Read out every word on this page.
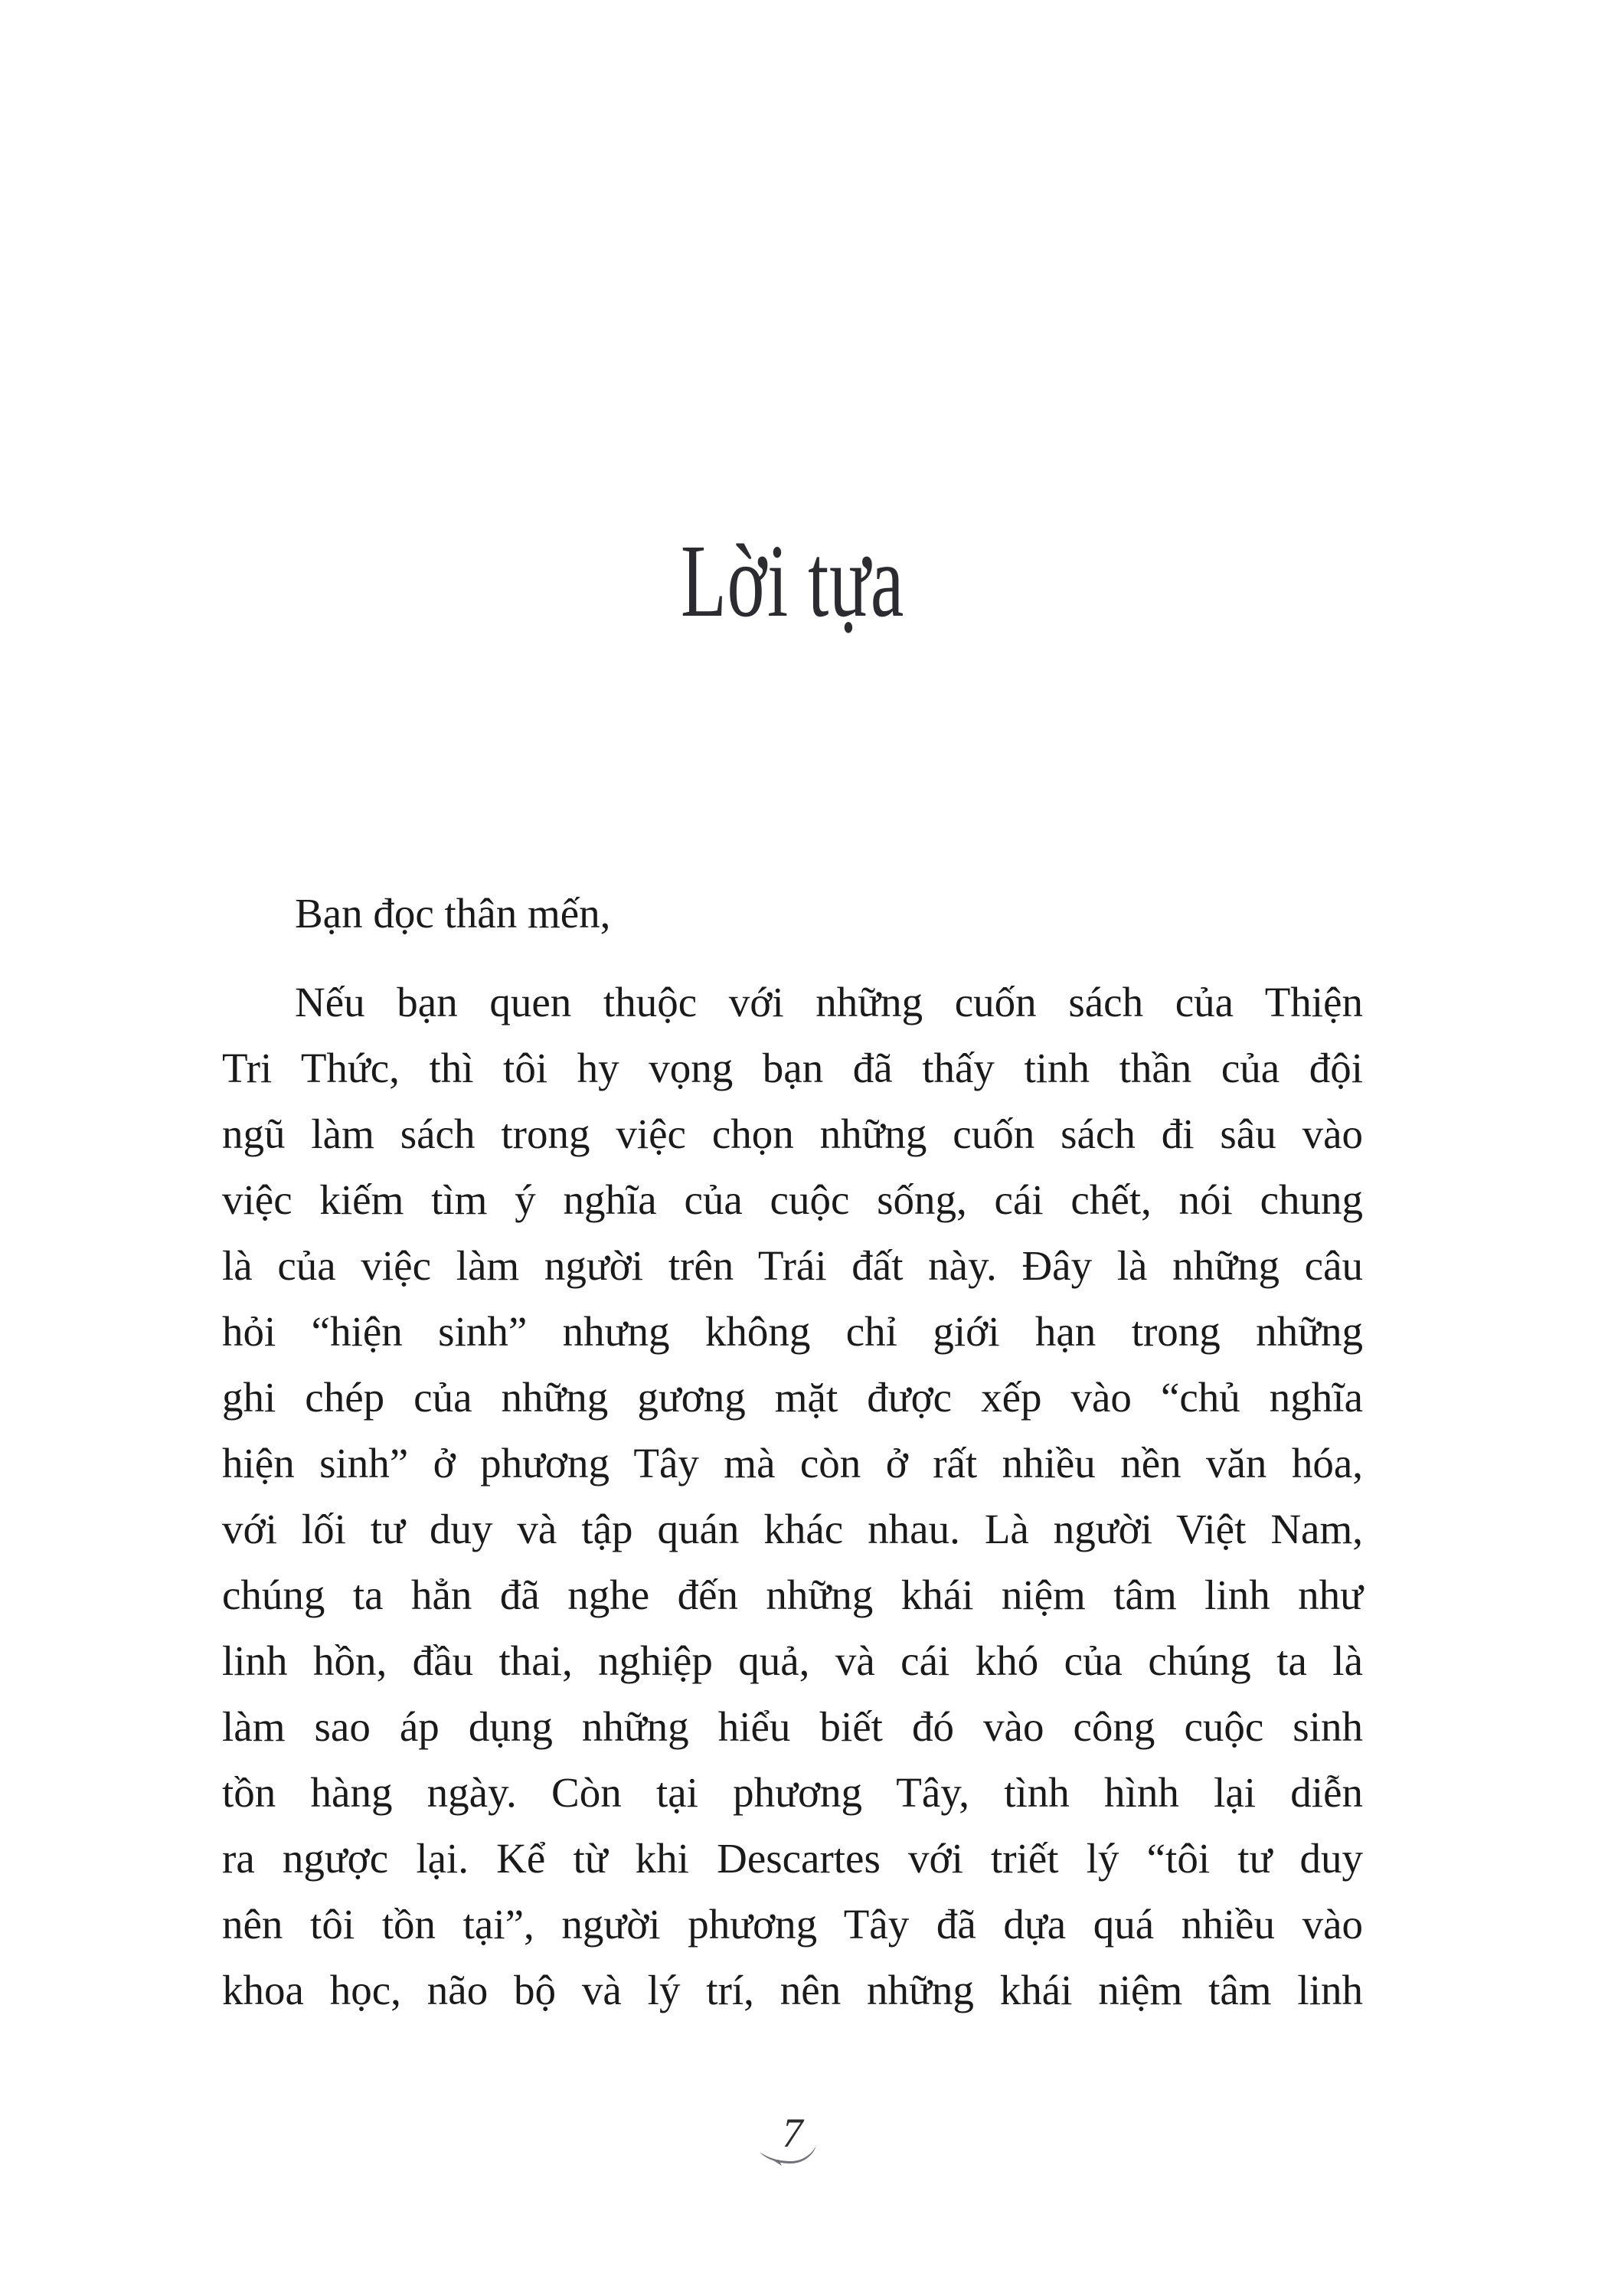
Lời tựa
Bạn đọc thân mến,
Nếu bạn quen thuộc với những cuốn sách của Thiện
Tri Thức, thì tôi hy vọng bạn đã thấy tinh thần của đội
ngũ làm sách trong việc chọn những cuốn sách đi sâu vào
việc kiếm tìm ý nghĩa của cuộc sống, cái chết, nói chung
là của việc làm người trên Trái đất này. Đây là những câu
hỏi “hiện sinh” nhưng không chỉ giới hạn trong những
ghi chép của những gương mặt được xếp vào “chủ nghĩa
hiện sinh” ở phương Tây mà còn ở rất nhiều nền văn hóa,
với lối tư duy và tập quán khác nhau. Là người Việt Nam,
chúng ta hẳn đã nghe đến những khái niệm tâm linh như
linh hồn, đầu thai, nghiệp quả, và cái khó của chúng ta là
làm sao áp dụng những hiểu biết đó vào công cuộc sinh
tồn hàng ngày. Còn tại phương Tây, tình hình lại diễn
ra ngược lại. Kể từ khi Descartes với triết lý “tôi tư duy
nên tôi tồn tại”, người phương Tây đã dựa quá nhiều vào
khoa học, não bộ và lý trí, nên những khái niệm tâm linh
7
